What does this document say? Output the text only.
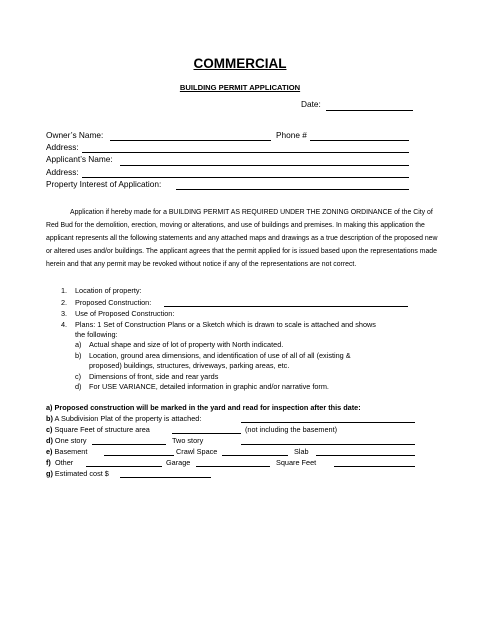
COMMERCIAL
BUILDING PERMIT APPLICATION
Date:
Owner’s Name:	Phone #
Address:
Applicant’s Name:
Address:
Property Interest of Application:

Application if hereby made for a BUILDING PERMIT AS REQUIRED UNDER THE ZONING ORDINANCE of the City of Red Bud for the demolition, erection, moving or alterations, and use of buildings and premises. In making this application the applicant represents all the following statements and any attached maps and drawings as a true description of the proposed new or altered uses and/or buildings. The applicant agrees that the permit applied for is issued based upon the representations made herein and that any permit may be revoked without notice if any of the representations are not correct.

1. Location of property:
2. Proposed Construction:
3. Use of Proposed Construction:
4. Plans: 1 Set of Construction Plans or a Sketch which is drawn to scale is attached and shows
the following:
a) Actual shape and size of lot of property with North indicated.
b) Location, ground area dimensions, and identification of use of all of all (existing &
proposed) buildings, structures, driveways, parking areas, etc.
c) Dimensions of front, side and rear yards
d) For USE VARIANCE, detailed information in graphic and/or narrative form.
a) Proposed construction will be marked in the yard and read for inspection after this date:
b) A Subdivision Plat of the property is attached:
c) Square Feet of structure area	(not including the basement)
d) One story	Two story
e) Basement	Crawl Space	Slab
f) Other	Garage	Square Feet
g) Estimated cost $
